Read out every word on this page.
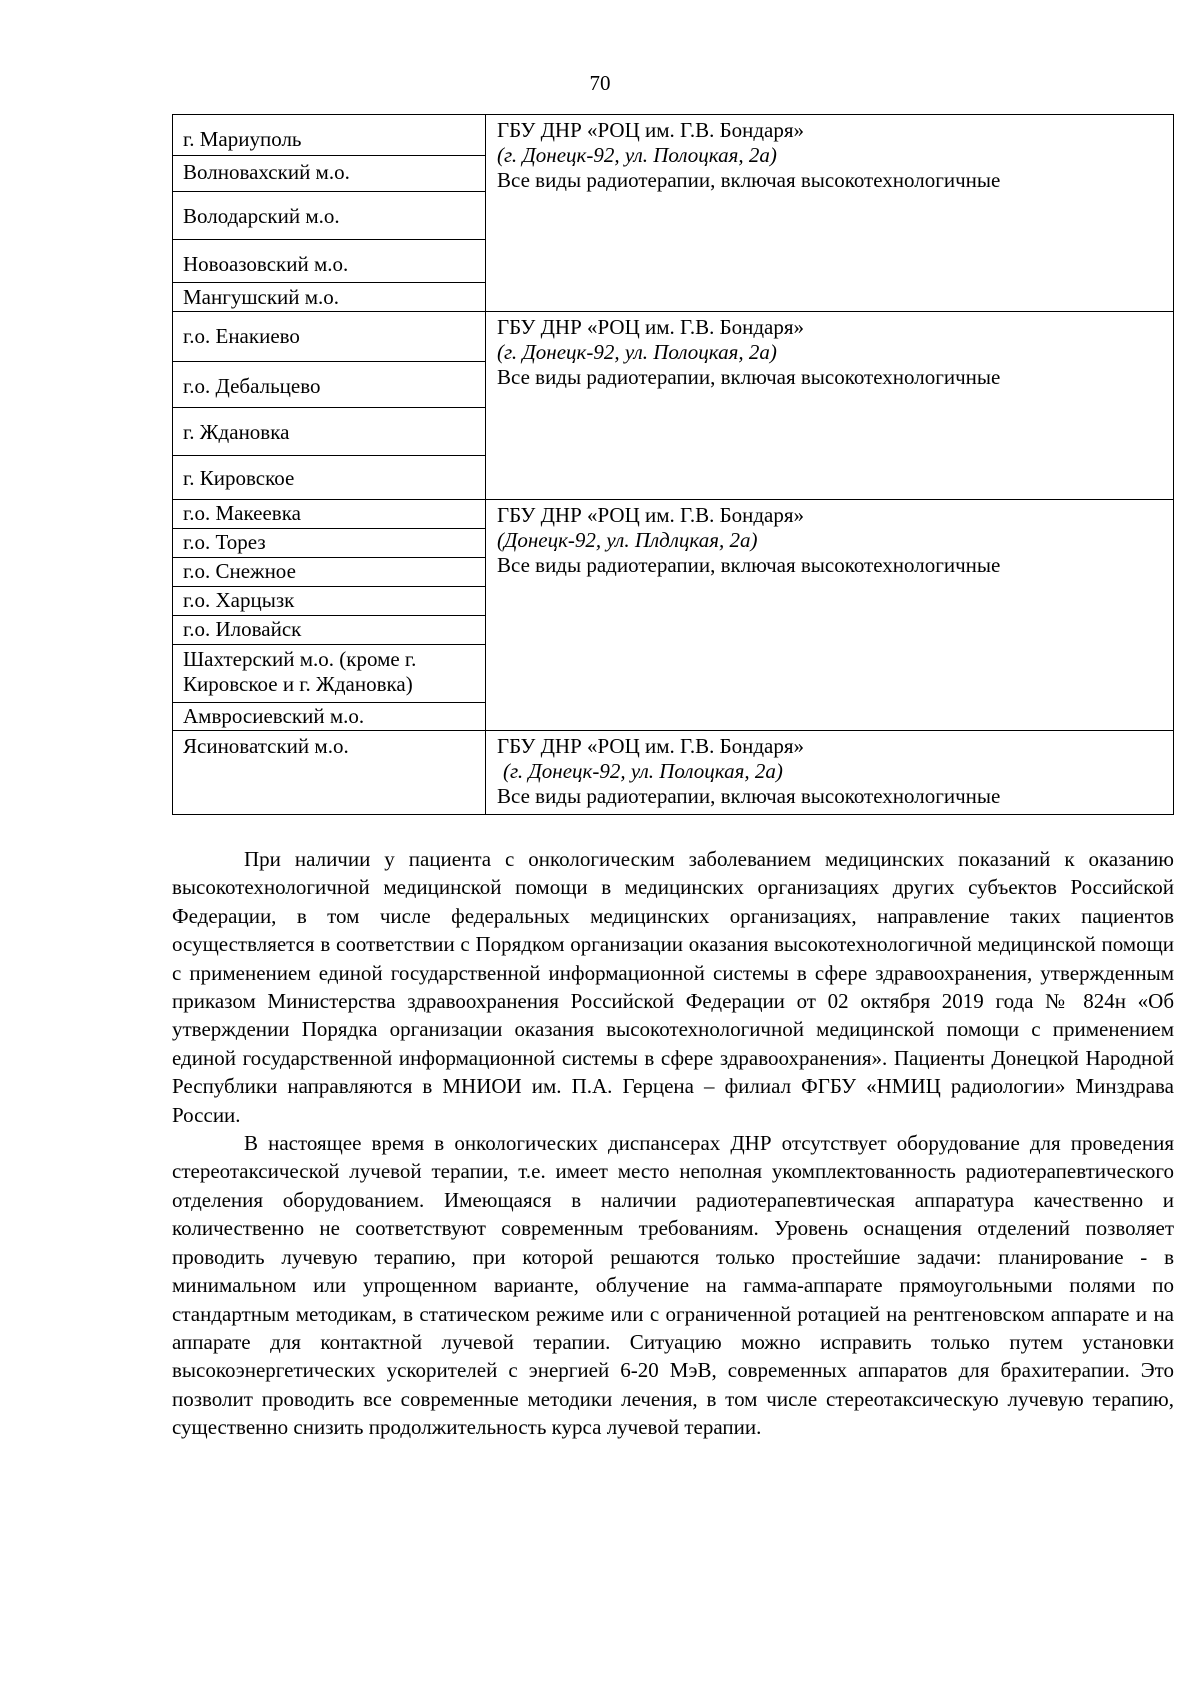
70
г. Мариуполь	ГБУ ДНР «РОЦ им. Г.В. Бондаря»
(г. Донецк-92, ул. Полоцкая, 2а)
Все виды радиотерапии, включая высокотехнологичные

Волновахский м.о.	
Володарский м.о.	
Новоазовский м.о.	
Мангушский м.о.	
г.о. Енакиево	ГБУ ДНР «РОЦ им. Г.В. Бондаря»
(г. Донецк-92, ул. Полоцкая, 2а)
Все виды радиотерапии, включая высокотехнологичные

г.о. Дебальцево	
г. Ждановка	
г. Кировское	
г.о. Макеевка	ГБУ ДНР «РОЦ им. Г.В. Бондаря»
(Донецк-92, ул. Плдлцкая, 2а)
Все виды радиотерапии, включая высокотехнологичные

г.о. Торез	
г.о. Снежное	
г.о. Харцызк	
г.о. Иловайск	

Шахтерский м.о. (кроме г.
Кировское и г. Ждановка)	

Амвросиевский м.о.	
Ясиноватский м.о.	ГБУ ДНР «РОЦ им. Г.В. Бондаря»
(г. Донецк-92, ул. Полоцкая, 2а)
Все виды радиотерапии, включая высокотехнологичные

При наличии у пациента с онкологическим заболеванием медицинских показаний к оказанию высокотехнологичной медицинской помощи в медицинских организациях других субъектов Российской Федерации, в том числе федеральных медицинских организациях, направление таких пациентов осуществляется в соответствии с Порядком организации оказания высокотехнологичной медицинской помощи с применением единой государственной информационной системы в сфере здравоохранения, утвержденным приказом Министерства здравоохранения Российской Федерации от 02 октября 2019 года № 824н «Об утверждении Порядка организации оказания высокотехнологичной медицинской помощи с применением единой государственной информационной системы в сфере здравоохранения». Пациенты Донецкой Народной Республики направляются в МНИОИ им. П.А. Герцена – филиал ФГБУ «НМИЦ радиологии» Минздрава России.

В настоящее время в онкологических диспансерах ДНР отсутствует оборудование для проведения стереотаксической лучевой терапии, т.е. имеет место неполная укомплектованность радиотерапевтического отделения оборудованием. Имеющаяся в наличии радиотерапевтическая аппаратура качественно и количественно не соответствуют современным требованиям. Уровень оснащения отделений позволяет проводить лучевую терапию, при которой решаются только простейшие задачи: планирование - в минимальном или упрощенном варианте, облучение на гамма-аппарате прямоугольными полями по стандартным методикам, в статическом режиме или с ограниченной ротацией на рентгеновском аппарате и на аппарате для контактной лучевой терапии. Ситуацию можно исправить только путем установки высокоэнергетических ускорителей с энергией 6-20 МэВ, современных аппаратов для брахитерапии. Это позволит проводить все современные методики лечения, в том числе стереотаксическую лучевую терапию, существенно снизить продолжительность курса лучевой терапии.
